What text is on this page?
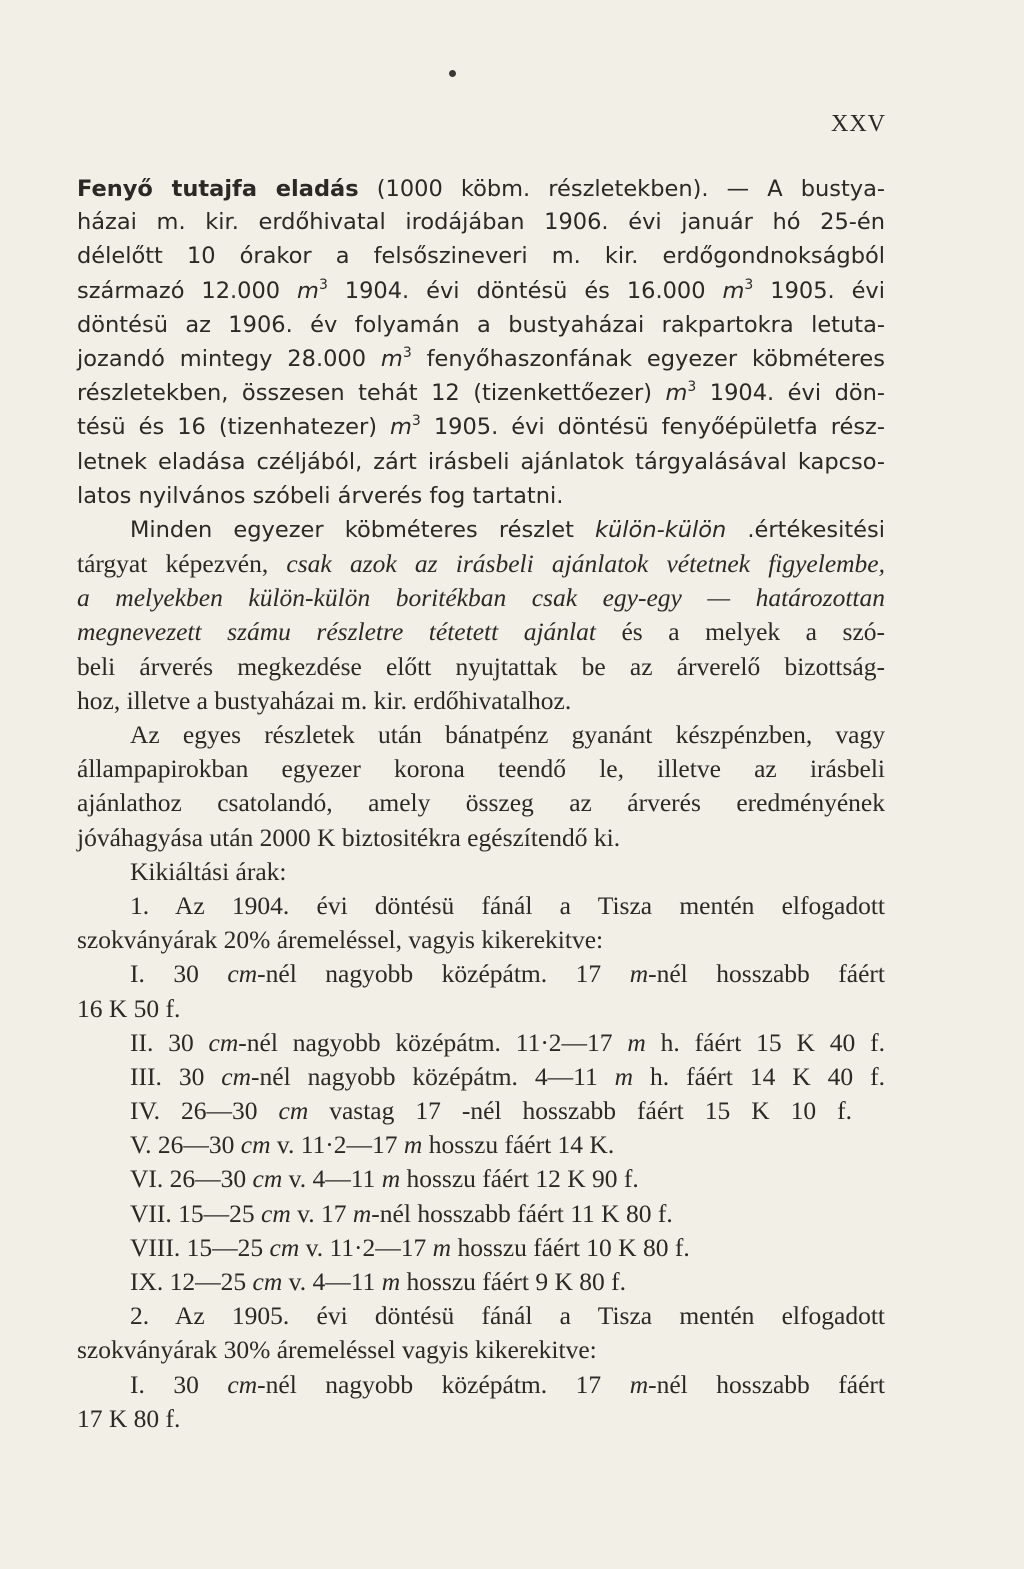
XXV
Fenyő tutajfa eladás (1000 köbm. részletekben). — A bustya-
házai m. kir. erdőhivatal irodájában 1906. évi január hó 25-én
délelőtt 10 órakor a felsőszineveri m. kir. erdőgondnokságból
származó 12.000 $m^3$ 1904. évi döntésü és 16.000 $m^3$ 1905. évi
döntésü az 1906. év folyamán a bustyaházai rakpartokra letuta-
jozandó mintegy 28.000 $m^3$ fenyőhaszonfának egyezer köbméteres
részletekben, összesen tehát 12 (tizenkettőezer) $m^3$ 1904. évi dön-
tésü és 16 (tizenhatezer) $m^3$ 1905. évi döntésü fenyőépületfa rész-
letnek eladása czéljából, zárt irásbeli ajánlatok tárgyalásával kapcso-
latos nyilvános szóbeli árverés fog tartatni.
Minden egyezer köbméteres részlet külön-külön .értékesitési
tárgyat képezvén, csak azok az irásbeli ajánlatok vétetnek figyelembe,
a melyekben külön-külön boritékban csak egy-egy — határozottan
megnevezett számu részletre tétetett ajánlat és a melyek a szó-
beli árverés megkezdése előtt nyujtattak be az árverelő bizottság-
hoz, illetve a bustyaházai m. kir. erdőhivatalhoz.
Az egyes részletek után bánatpénz gyanánt készpénzben, vagy
állampapirokban egyezer korona teendő le, illetve az irásbeli
ajánlathoz csatolandó, amely összeg az árverés eredményének
jóváhagyása után 2000 K biztositékra egészítendő ki.
Kikiáltási árak:
1. Az 1904. évi döntésü fánál a Tisza mentén elfogadott
szokványárak 20% áremeléssel, vagyis kikerekitve:
I. 30 cm-nél nagyobb középátm. 17 m-nél hosszabb fáért
16 K 50 f.
II. 30 cm-nél nagyobb középátm. 11·2—17 m h. fáért 15 K 40 f.
III. 30 cm-nél nagyobb középátm. 4—11 m h. fáért 14 K 40 f.
IV. 26—30 cm vastag 17 -nél hosszabb fáért 15 K 10 f.
V. 26—30 cm v. 11·2—17 m hosszu fáért 14 K.
VI. 26—30 cm v. 4—11 m hosszu fáért 12 K 90 f.
VII. 15—25 cm v. 17 m-nél hosszabb fáért 11 K 80 f.
VIII. 15—25 cm v. 11·2—17 m hosszu fáért 10 K 80 f.
IX. 12—25 cm v. 4—11 m hosszu fáért 9 K 80 f.
2. Az 1905. évi döntésü fánál a Tisza mentén elfogadott
szokványárak 30% áremeléssel vagyis kikerekitve:
I. 30 cm-nél nagyobb középátm. 17 m-nél hosszabb fáért
17 K 80 f.
